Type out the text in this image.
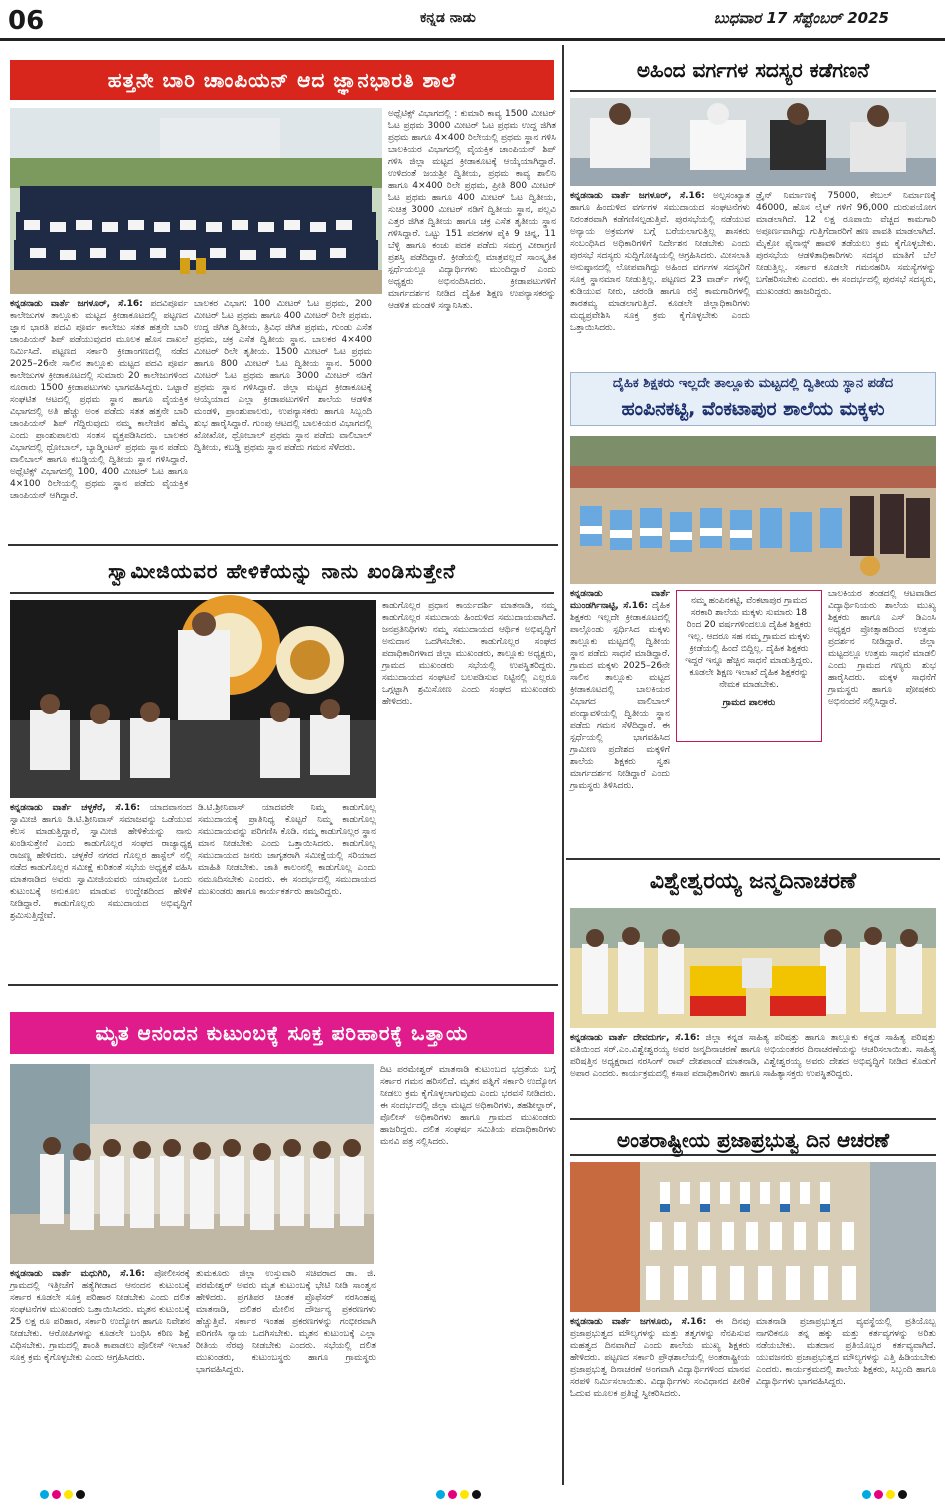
06	ಕನ್ನಡ ನಾಡು	ಬುಧವಾರ 17 ಸೆಪ್ಟೆಂಬರ್ 2025
ಹತ್ತನೇ ಬಾರಿ ಚಾಂಪಿಯನ್ ಆದ ಜ್ಞಾನಭಾರತಿ ಶಾಲೆ
ಅಥ್ಲೆಟಿಕ್ಸ್ ವಿಭಾಗದಲ್ಲಿ : ಕುಮಾರಿ ಕಾವ್ಯ 1500 ಮೀಟರ್ ಓಟ ಪ್ರಥಮ 3000 ಮೀಟರ್ ಓಟ ಪ್ರಥಮ ಉದ್ದ ಜಿಗಿತ ಪ್ರಥಮ ಹಾಗೂ 4×400 ರಿಲೇಯಲ್ಲಿ ಪ್ರಥಮ ಸ್ಥಾನ ಗಳಿಸಿ ಬಾಲಕಿಯರ ವಿಭಾಗದಲ್ಲಿ ವೈಯಕ್ತಿಕ ಚಾಂಪಿಯನ್ ಶಿಪ್ ಗಳಿಸಿ ಜಿಲ್ಲಾ ಮಟ್ಟದ ಕ್ರೀಡಾಕೂಟಕ್ಕೆ ಆಯ್ಕೆಯಾಗಿದ್ದಾರೆ. ಉಳಿದಂತೆ ಜಯಶ್ರೀ ದ್ವಿತೀಯ, ಪ್ರಥಮ ಕಾವ್ಯ ಶಾಲಿನಿ ಹಾಗೂ 4×400 ರಿಲೇ ಪ್ರಥಮ, ಪ್ರೀತಿ 800 ಮೀಟರ್ ಓಟ ಪ್ರಥಮ ಹಾಗೂ 400 ಮೀಟರ್ ಓಟ ದ್ವಿತೀಯ, ಸುಚಿತ್ರ 3000 ಮೀಟರ್ ನಡಿಗೆ ದ್ವಿತೀಯ ಸ್ಥಾನ, ಪಲ್ಲವಿ ಎತ್ತರ ಜಿಗಿತ ದ್ವಿತೀಯ ಹಾಗೂ ಚಕ್ರ ಎಸೆತ ತೃತೀಯ ಸ್ಥಾನ ಗಳಿಸಿದ್ದಾರೆ. ಒಟ್ಟು 151 ಪದಕಗಳ ಪೈಕಿ 9 ಚಿನ್ನ, 11 ಬೆಳ್ಳಿ ಹಾಗೂ ಕಂಚು ಪದಕ ಪಡೆದು ಸಮಗ್ರ ವೀರಾಗ್ರಣಿ ಪ್ರಶಸ್ತಿ ಪಡೆದಿದ್ದಾರೆ. ಕ್ರೀಡೆಯಲ್ಲಿ ಮಾತ್ರವಲ್ಲದೆ ಸಾಂಸ್ಕೃತಿಕ ಸ್ಪರ್ಧೆಯಲ್ಲೂ ವಿದ್ಯಾರ್ಥಿಗಳು ಮುಂದಿದ್ದಾರೆ ಎಂದು ಅಧ್ಯಕ್ಷರು ಅಭಿನಂದಿಸಿದರು. ಕ್ರೀಡಾಪಟುಗಳಿಗೆ ಮಾರ್ಗದರ್ಶನ ನೀಡಿದ ದೈಹಿಕ ಶಿಕ್ಷಣ ಉಪನ್ಯಾಸಕರನ್ನು ಆಡಳಿತ ಮಂಡಳಿ ಸನ್ಮಾನಿಸಿತು.
ಕನ್ನಡನಾಡು ವಾರ್ತೆ ಜಗಳೂರ್, ಸೆ.16: ಪದವಿಪೂರ್ವ ಕಾಲೇಜುಗಳ ತಾಲ್ಲೂಕು ಮಟ್ಟದ ಕ್ರೀಡಾಕೂಟದಲ್ಲಿ ಪಟ್ಟಣದ ಜ್ಞಾನ ಭಾರತಿ ಪದವಿ ಪೂರ್ವ ಕಾಲೇಜು ಸತತ ಹತ್ತನೇ ಬಾರಿ ಚಾಂಪಿಯನ್ ಶಿಪ್ ಪಡೆಯುವುದರ ಮೂಲಕ ಹೊಸ ದಾಖಲೆ ನಿರ್ಮಿಸಿದೆ. ಪಟ್ಟಣದ ಸರ್ಕಾರಿ ಕ್ರೀಡಾಂಗಣದಲ್ಲಿ ನಡೆದ 2025–26ನೇ ಸಾಲಿನ ತಾಲ್ಲೂಕು ಮಟ್ಟದ ಪದವಿ ಪೂರ್ವ ಕಾಲೇಜುಗಳ ಕ್ರೀಡಾಕೂಟದಲ್ಲಿ ಸುಮಾರು 20 ಕಾಲೇಜುಗಳಿಂದ ನೂರಾರು 1500 ಕ್ರೀಡಾಪಟುಗಳು ಭಾಗವಹಿಸಿದ್ದರು. ಒಟ್ಟಾರೆ ಸಂಘಟಿತ ಆಟದಲ್ಲಿ ಪ್ರಥಮ ಸ್ಥಾನ ಹಾಗೂ ವೈಯಕ್ತಿಕ ವಿಭಾಗದಲ್ಲಿ ಅತಿ ಹೆಚ್ಚು ಅಂಕ ಪಡೆದು ಸತತ ಹತ್ತನೇ ಬಾರಿ ಚಾಂಪಿಯನ್ ಶಿಪ್ ಗೆದ್ದಿರುವುದು ನಮ್ಮ ಕಾಲೇಜಿನ ಹೆಮ್ಮೆ ಎಂದು ಪ್ರಾಂಶುಪಾಲರು ಸಂತಸ ವ್ಯಕ್ತಪಡಿಸಿದರು. ಬಾಲಕರ ವಿಭಾಗದಲ್ಲಿ ಥ್ರೋಬಾಲ್, ಬ್ಯಾಡ್ಮಿಂಟನ್ ಪ್ರಥಮ ಸ್ಥಾನ ಪಡೆದು ವಾಲಿಬಾಲ್ ಹಾಗೂ ಕಬಡ್ಡಿಯಲ್ಲಿ ದ್ವಿತೀಯ ಸ್ಥಾನ ಗಳಿಸಿದ್ದಾರೆ. ಅಥ್ಲೆಟಿಕ್ಸ್ ವಿಭಾಗದಲ್ಲಿ 100, 400 ಮೀಟರ್ ಓಟ ಹಾಗೂ 4×100 ರಿಲೇಯಲ್ಲಿ ಪ್ರಥಮ ಸ್ಥಾನ ಪಡೆದು ವೈಯಕ್ತಿಕ ಚಾಂಪಿಯನ್ ಆಗಿದ್ದಾರೆ.
ಬಾಲಕರ ವಿಭಾಗ: 100 ಮೀಟರ್ ಓಟ ಪ್ರಥಮ, 200 ಮೀಟರ್ ಓಟ ಪ್ರಥಮ ಹಾಗೂ 400 ಮೀಟರ್ ರಿಲೇ ಪ್ರಥಮ. ಉದ್ದ ಜಿಗಿತ ದ್ವಿತೀಯ, ತ್ರಿವಿಧ ಜಿಗಿತ ಪ್ರಥಮ, ಗುಂಡು ಎಸೆತ ಪ್ರಥಮ, ಚಕ್ರ ಎಸೆತ ದ್ವಿತೀಯ ಸ್ಥಾನ. ಬಾಲಕರ 4×400 ಮೀಟರ್ ರಿಲೇ ತೃತೀಯ. 1500 ಮೀಟರ್ ಓಟ ಪ್ರಥಮ ಹಾಗೂ 800 ಮೀಟರ್ ಓಟ ದ್ವಿತೀಯ ಸ್ಥಾನ. 5000 ಮೀಟರ್ ಓಟ ಪ್ರಥಮ ಹಾಗೂ 3000 ಮೀಟರ್ ನಡಿಗೆ ಪ್ರಥಮ ಸ್ಥಾನ ಗಳಿಸಿದ್ದಾರೆ. ಜಿಲ್ಲಾ ಮಟ್ಟದ ಕ್ರೀಡಾಕೂಟಕ್ಕೆ ಆಯ್ಕೆಯಾದ ಎಲ್ಲಾ ಕ್ರೀಡಾಪಟುಗಳಿಗೆ ಶಾಲೆಯ ಆಡಳಿತ ಮಂಡಳಿ, ಪ್ರಾಂಶುಪಾಲರು, ಉಪನ್ಯಾಸಕರು ಹಾಗೂ ಸಿಬ್ಬಂದಿ ಶುಭ ಹಾರೈಸಿದ್ದಾರೆ. ಗುಂಪು ಆಟದಲ್ಲಿ ಬಾಲಕಿಯರ ವಿಭಾಗದಲ್ಲಿ ಖೋಖೋ, ಥ್ರೋಬಾಲ್ ಪ್ರಥಮ ಸ್ಥಾನ ಪಡೆದು ವಾಲಿಬಾಲ್ ದ್ವಿತೀಯ, ಕಬಡ್ಡಿ ಪ್ರಥಮ ಸ್ಥಾನ ಪಡೆದು ಗಮನ ಸೆಳೆದರು.
ಸ್ವಾಮೀಜಿಯವರ ಹೇಳಿಕೆಯನ್ನು ನಾನು ಖಂಡಿಸುತ್ತೇನೆ
ಕಾಡುಗೊಲ್ಲರ ಪ್ರಧಾನ ಕಾರ್ಯದರ್ಶಿ ಮಾತನಾಡಿ, ನಮ್ಮ ಕಾಡುಗೊಲ್ಲರ ಸಮುದಾಯ ಹಿಂದುಳಿದ ಸಮುದಾಯವಾಗಿದೆ. ಜನಪ್ರತಿನಿಧಿಗಳು ನಮ್ಮ ಸಮುದಾಯದ ಆರ್ಥಿಕ ಅಭಿವೃದ್ಧಿಗೆ ಅನುದಾನ ಒದಗಿಸಬೇಕು. ಕಾಡುಗೊಲ್ಲರ ಸಂಘದ ಪದಾಧಿಕಾರಿಗಳಾದ ಜಿಲ್ಲಾ ಮುಖಂಡರು, ತಾಲ್ಲೂಕು ಅಧ್ಯಕ್ಷರು, ಗ್ರಾಮದ ಮುಖಂಡರು ಸಭೆಯಲ್ಲಿ ಉಪಸ್ಥಿತರಿದ್ದರು. ಸಮುದಾಯದ ಸಂಘಟನೆ ಬಲಪಡಿಸುವ ನಿಟ್ಟಿನಲ್ಲಿ ಎಲ್ಲರೂ ಒಗ್ಗಟ್ಟಾಗಿ ಶ್ರಮಿಸೋಣ ಎಂದು ಸಂಘದ ಮುಖಂಡರು ಹೇಳಿದರು.
ಕನ್ನಡನಾಡು ವಾರ್ತೆ ಚಳ್ಳಕೆರೆ, ಸೆ.16: ಯಾದವಾನಂದ ಸ್ವಾಮೀಜಿ ಹಾಗೂ ಡಿ.ಟಿ.ಶ್ರೀನಿವಾಸ್ ಸಮಾಜವನ್ನು ಒಡೆಯುವ ಕೆಲಸ ಮಾಡುತ್ತಿದ್ದಾರೆ, ಸ್ವಾಮೀಜಿ ಹೇಳಿಕೆಯನ್ನು ನಾನು ಖಂಡಿಸುತ್ತೇನೆ ಎಂದು ಕಾಡುಗೊಲ್ಲರ ಸಂಘದ ರಾಜ್ಯಾಧ್ಯಕ್ಷ ರಾಜಣ್ಣ ಹೇಳಿದರು. ಚಳ್ಳಕೆರೆ ನಗರದ ಗೊಲ್ಲರ ಹಾಸ್ಟೆಲ್ ನಲ್ಲಿ ನಡೆದ ಕಾಡುಗೊಲ್ಲರ ಸಮೀಕ್ಷೆ ಕುರಿತಂತೆ ಸಭೆಯ ಅಧ್ಯಕ್ಷತೆ ವಹಿಸಿ ಮಾತನಾಡಿದ ಅವರು ಸ್ವಾಮೀಜಿಯವರು ಯಾವುದೋ ಒಂದು ಕುಟುಂಬಕ್ಕೆ ಅನುಕೂಲ ಮಾಡುವ ಉದ್ದೇಶದಿಂದ ಹೇಳಿಕೆ ನೀಡಿದ್ದಾರೆ. ಕಾಡುಗೊಲ್ಲರು ಸಮುದಾಯದ ಅಭಿವೃದ್ಧಿಗೆ ಶ್ರಮಿಸುತ್ತಿದ್ದೇವೆ.
ಡಿ.ಟಿ.ಶ್ರೀನಿವಾಸ್ ಯಾದವರೇ ನಿಮ್ಮ ಕಾಡುಗೊಲ್ಲ ಸಮುದಾಯಕ್ಕೆ ಪ್ರಾತಿನಿಧ್ಯ ಕೊಟ್ಟರೆ ನಿಮ್ಮ ಕಾಡುಗೊಲ್ಲ ಸಮುದಾಯವನ್ನು ಪರಿಗಣಿಸಿ ಕೊಡಿ. ನಮ್ಮ ಕಾಡುಗೊಲ್ಲರ ಸ್ಥಾನ ಮಾನ ನೀಡಬೇಕು ಎಂದು ಒತ್ತಾಯಿಸಿದರು. ಕಾಡುಗೊಲ್ಲ ಸಮುದಾಯದ ಜನರು ಜಾಗೃತರಾಗಿ ಸಮೀಕ್ಷೆಯಲ್ಲಿ ಸರಿಯಾದ ಮಾಹಿತಿ ನೀಡಬೇಕು. ಜಾತಿ ಕಾಲಂನಲ್ಲಿ ಕಾಡುಗೊಲ್ಲ ಎಂದು ನಮೂದಿಸಬೇಕು ಎಂದರು. ಈ ಸಂದರ್ಭದಲ್ಲಿ ಸಮುದಾಯದ ಮುಖಂಡರು ಹಾಗೂ ಕಾರ್ಯಕರ್ತರು ಹಾಜರಿದ್ದರು.
ಮೃತ ಆನಂದನ ಕುಟುಂಬಕ್ಕೆ ಸೂಕ್ತ ಪರಿಹಾರಕ್ಕೆ ಒತ್ತಾಯ
ದಿಟ ಪರಮೇಶ್ವರ್ ಮಾತನಾಡಿ ಕುಟುಂಬದ ಭದ್ರತೆಯ ಬಗ್ಗೆ ಸರ್ಕಾರ ಗಮನ ಹರಿಸಲಿದೆ. ಮೃತನ ಪತ್ನಿಗೆ ಸರ್ಕಾರಿ ಉದ್ಯೋಗ ನೀಡಲು ಕ್ರಮ ಕೈಗೊಳ್ಳಲಾಗುವುದು ಎಂದು ಭರವಸೆ ನೀಡಿದರು. ಈ ಸಂದರ್ಭದಲ್ಲಿ ಜಿಲ್ಲಾ ಮಟ್ಟದ ಅಧಿಕಾರಿಗಳು, ತಹಶೀಲ್ದಾರ್, ಪೊಲೀಸ್ ಅಧಿಕಾರಿಗಳು ಹಾಗೂ ಗ್ರಾಮದ ಮುಖಂಡರು ಹಾಜರಿದ್ದರು. ದಲಿತ ಸಂಘರ್ಷ ಸಮಿತಿಯ ಪದಾಧಿಕಾರಿಗಳು ಮನವಿ ಪತ್ರ ಸಲ್ಲಿಸಿದರು.
ಕನ್ನಡನಾಡು ವಾರ್ತೆ ಮಧುಗಿರಿ, ಸೆ.16: ಪೋಲೀಸರಕ್ಕೆ ಗ್ರಾಮದಲ್ಲಿ ಇತ್ತೀಚೆಗೆ ಹತ್ಯೆಗೀಡಾದ ಆನಂದನ ಕುಟುಂಬಕ್ಕೆ ಸರ್ಕಾರ ಕೂಡಲೇ ಸೂಕ್ತ ಪರಿಹಾರ ನೀಡಬೇಕು ಎಂದು ದಲಿತ ಸಂಘಟನೆಗಳ ಮುಖಂಡರು ಒತ್ತಾಯಿಸಿದರು. ಮೃತನ ಕುಟುಂಬಕ್ಕೆ 25 ಲಕ್ಷ ರೂ ಪರಿಹಾರ, ಸರ್ಕಾರಿ ಉದ್ಯೋಗ ಹಾಗೂ ನಿವೇಶನ ನೀಡಬೇಕು. ಆರೋಪಿಗಳನ್ನು ಕೂಡಲೇ ಬಂಧಿಸಿ ಕಠಿಣ ಶಿಕ್ಷೆ ವಿಧಿಸಬೇಕು. ಗ್ರಾಮದಲ್ಲಿ ಶಾಂತಿ ಕಾಪಾಡಲು ಪೊಲೀಸ್ ಇಲಾಖೆ ಸೂಕ್ತ ಕ್ರಮ ಕೈಗೊಳ್ಳಬೇಕು ಎಂದು ಆಗ್ರಹಿಸಿದರು.
ತುಮಕೂರು ಜಿಲ್ಲಾ ಉಸ್ತುವಾರಿ ಸಚಿವರಾದ ಡಾ. ಜಿ. ಪರಮೇಶ್ವರ್ ಅವರು ಮೃತ ಕುಟುಂಬಕ್ಕೆ ಭೇಟಿ ನೀಡಿ ಸಾಂತ್ವನ ಹೇಳಿದರು. ಪ್ರಗತಿಪರ ಚಿಂತಕ ಪ್ರೊಫೆಸರ್ ನರಸಿಂಹಪ್ಪ ಮಾತನಾಡಿ, ದಲಿತರ ಮೇಲಿನ ದೌರ್ಜನ್ಯ ಪ್ರಕರಣಗಳು ಹೆಚ್ಚುತ್ತಿವೆ. ಸರ್ಕಾರ ಇಂತಹ ಪ್ರಕರಣಗಳನ್ನು ಗಂಭೀರವಾಗಿ ಪರಿಗಣಿಸಿ ನ್ಯಾಯ ಒದಗಿಸಬೇಕು. ಮೃತನ ಕುಟುಂಬಕ್ಕೆ ಎಲ್ಲಾ ರೀತಿಯ ನೆರವು ನೀಡಬೇಕು ಎಂದರು. ಸಭೆಯಲ್ಲಿ ದಲಿತ ಮುಖಂಡರು, ಕುಟುಂಬಸ್ಥರು ಹಾಗೂ ಗ್ರಾಮಸ್ಥರು ಭಾಗವಹಿಸಿದ್ದರು.
ಅಹಿಂದ ವರ್ಗಗಳ ಸದಸ್ಯರ ಕಡೆಗಣನೆ
ಕನ್ನಡನಾಡು ವಾರ್ತೆ ಜಗಳೂರ್, ಸೆ.16: ಅಲ್ಪಸಂಖ್ಯಾತ ಹಾಗೂ ಹಿಂದುಳಿದ ವರ್ಗಗಳ ಸಮುದಾಯದ ಸಂಘಟನೆಗಳು ನಿರಂತರವಾಗಿ ಕಡೆಗಣಿಸಲ್ಪಡುತ್ತಿವೆ. ಪುರಸಭೆಯಲ್ಲಿ ನಡೆಯುವ ಅನ್ಯಾಯ ಅಕ್ರಮಗಳ ಬಗ್ಗೆ ಬರೆಯಲಾಗುತ್ತಿಲ್ಲ ಶಾಸಕರು ಸಂಬಂಧಿಸಿದ ಅಧಿಕಾರಿಗಳಿಗೆ ನಿರ್ದೇಶನ ನೀಡಬೇಕು ಎಂದು ಪುರಸಭೆ ಸದಸ್ಯರು ಸುದ್ದಿಗೋಷ್ಠಿಯಲ್ಲಿ ಆಗ್ರಹಿಸಿದರು. ಮೀಸಲಾತಿ ಅನುಷ್ಠಾನದಲ್ಲಿ ಲೋಪವಾಗಿದ್ದು ಅಹಿಂದ ವರ್ಗಗಳ ಸದಸ್ಯರಿಗೆ ಸೂಕ್ತ ಸ್ಥಾನಮಾನ ನೀಡುತ್ತಿಲ್ಲ. ಪಟ್ಟಣದ 23 ವಾರ್ಡ್ ಗಳಲ್ಲಿ ಕುಡಿಯುವ ನೀರು, ಚರಂಡಿ ಹಾಗೂ ರಸ್ತೆ ಕಾಮಗಾರಿಗಳಲ್ಲಿ ತಾರತಮ್ಯ ಮಾಡಲಾಗುತ್ತಿದೆ. ಕೂಡಲೇ ಜಿಲ್ಲಾಧಿಕಾರಿಗಳು ಮಧ್ಯಪ್ರವೇಶಿಸಿ ಸೂಕ್ತ ಕ್ರಮ ಕೈಗೊಳ್ಳಬೇಕು ಎಂದು ಒತ್ತಾಯಿಸಿದರು.
ಡ್ರೈನ್ ನಿರ್ಮಾಣಕ್ಕೆ 75000, ಕೇಬಲ್ ನಿರ್ಮಾಣಕ್ಕೆ 46000, ಹೊಸ ಲೈಟ್ ಗಳಿಗೆ 96,000 ದುರುಪಯೋಗ ಮಾಡಲಾಗಿದೆ. 12 ಲಕ್ಷ ರೂಪಾಯಿ ವೆಚ್ಚದ ಕಾಮಗಾರಿ ಅಪೂರ್ಣವಾಗಿದ್ದು ಗುತ್ತಿಗೆದಾರರಿಗೆ ಹಣ ಪಾವತಿ ಮಾಡಲಾಗಿದೆ. ಮೈಕ್ರೋ ಫೈನಾನ್ಸ್ ಹಾವಳಿ ತಡೆಯಲು ಕ್ರಮ ಕೈಗೊಳ್ಳಬೇಕು. ಪುರಸಭೆಯ ಆಡಳಿತಾಧಿಕಾರಿಗಳು ಸದಸ್ಯರ ಮಾತಿಗೆ ಬೆಲೆ ನೀಡುತ್ತಿಲ್ಲ. ಸರ್ಕಾರ ಕೂಡಲೇ ಗಮನಹರಿಸಿ ಸಮಸ್ಯೆಗಳನ್ನು ಬಗೆಹರಿಸಬೇಕು ಎಂದರು. ಈ ಸಂದರ್ಭದಲ್ಲಿ ಪುರಸಭೆ ಸದಸ್ಯರು, ಮುಖಂಡರು ಹಾಜರಿದ್ದರು.
ದೈಹಿಕ ಶಿಕ್ಷಕರು ಇಲ್ಲದೇ ತಾಲ್ಲೂಕು ಮಟ್ಟದಲ್ಲಿ ದ್ವಿತೀಯ ಸ್ಥಾನ ಪಡೆದ
ಹಂಪಿನಕಟ್ಟಿ, ವೆಂಕಟಾಪುರ ಶಾಲೆಯ ಮಕ್ಕಳು
ಕನ್ನಡನಾಡು ವಾರ್ತೆ ಮುಂಡರ್ಗಿನಾಟ್ಟಿ, ಸೆ.16: ದೈಹಿಕ ಶಿಕ್ಷಕರು ಇಲ್ಲದೇ ಕ್ರೀಡಾಕೂಟದಲ್ಲಿ ಪಾಲ್ಗೊಂಡು ಸ್ಪರ್ಧಿಸಿದ ಮಕ್ಕಳು ತಾಲ್ಲೂಕು ಮಟ್ಟದಲ್ಲಿ ದ್ವಿತೀಯ ಸ್ಥಾನ ಪಡೆದು ಸಾಧನೆ ಮಾಡಿದ್ದಾರೆ. ಗ್ರಾಮದ ಮಕ್ಕಳು 2025–26ನೇ ಸಾಲಿನ ತಾಲ್ಲೂಕು ಮಟ್ಟದ ಕ್ರೀಡಾಕೂಟದಲ್ಲಿ ಬಾಲಕಿಯರ ವಿಭಾಗದ ವಾಲಿಬಾಲ್ ಪಂದ್ಯಾವಳಿಯಲ್ಲಿ ದ್ವಿತೀಯ ಸ್ಥಾನ ಪಡೆದು ಗಮನ ಸೆಳೆದಿದ್ದಾರೆ. ಈ ಸ್ಪರ್ಧೆಯಲ್ಲಿ ಭಾಗವಹಿಸಿದ ಗ್ರಾಮೀಣ ಪ್ರದೇಶದ ಮಕ್ಕಳಿಗೆ ಶಾಲೆಯ ಶಿಕ್ಷಕರು ಸ್ವತಃ ಮಾರ್ಗದರ್ಶನ ನೀಡಿದ್ದಾರೆ ಎಂದು ಗ್ರಾಮಸ್ಥರು ತಿಳಿಸಿದರು.
ನಮ್ಮ ಹಂಪಿನಕಟ್ಟಿ, ವೆಂಕಟಾಪುರ ಗ್ರಾಮದ ಸರಕಾರಿ ಶಾಲೆಯ ಮಕ್ಕಳು ಸುಮಾರು 18 ರಿಂದ 20 ವರ್ಷಗಳಿಂದಲೂ ದೈಹಿಕ ಶಿಕ್ಷಕರು ಇಲ್ಲ. ಆದರೂ ಸಹ ನಮ್ಮ ಗ್ರಾಮದ ಮಕ್ಕಳು ಕ್ರೀಡೆಯಲ್ಲಿ ಹಿಂದೆ ಬಿದ್ದಿಲ್ಲ. ದೈಹಿಕ ಶಿಕ್ಷಕರು ಇದ್ದರೆ ಇನ್ನೂ ಹೆಚ್ಚಿನ ಸಾಧನೆ ಮಾಡುತ್ತಿದ್ದರು. ಕೂಡಲೇ ಶಿಕ್ಷಣ ಇಲಾಖೆ ದೈಹಿಕ ಶಿಕ್ಷಕರನ್ನು ನೇಮಕ ಮಾಡಬೇಕು.
ಗ್ರಾಮದ ಪಾಲಕರು
ಬಾಲಕಿಯರ ತಂಡದಲ್ಲಿ ಆಟವಾಡಿದ ವಿದ್ಯಾರ್ಥಿನಿಯರು ಶಾಲೆಯ ಮುಖ್ಯ ಶಿಕ್ಷಕರು ಹಾಗೂ ಎಸ್ ಡಿಎಂಸಿ ಅಧ್ಯಕ್ಷರ ಪ್ರೋತ್ಸಾಹದಿಂದ ಉತ್ತಮ ಪ್ರದರ್ಶನ ನೀಡಿದ್ದಾರೆ. ಜಿಲ್ಲಾ ಮಟ್ಟದಲ್ಲೂ ಉತ್ತಮ ಸಾಧನೆ ಮಾಡಲಿ ಎಂದು ಗ್ರಾಮದ ಗಣ್ಯರು ಶುಭ ಹಾರೈಸಿದರು. ಮಕ್ಕಳ ಸಾಧನೆಗೆ ಗ್ರಾಮಸ್ಥರು ಹಾಗೂ ಪೋಷಕರು ಅಭಿನಂದನೆ ಸಲ್ಲಿಸಿದ್ದಾರೆ.
ವಿಶ್ವೇಶ್ವರಯ್ಯ ಜನ್ಮದಿನಾಚರಣೆ
ಕನ್ನಡನಾಡು ವಾರ್ತೆ ದೇವದುರ್ಗ, ಸೆ.16: ಜಿಲ್ಲಾ ಕನ್ನಡ ಸಾಹಿತ್ಯ ಪರಿಷತ್ತು ಹಾಗೂ ತಾಲ್ಲೂಕು ಕನ್ನಡ ಸಾಹಿತ್ಯ ಪರಿಷತ್ತು ವತಿಯಿಂದ ಸರ್.ಎಂ.ವಿಶ್ವೇಶ್ವರಯ್ಯ ಅವರ ಜನ್ಮದಿನಾಚರಣೆ ಹಾಗೂ ಅಭಿಯಂತರರ ದಿನಾಚರಣೆಯನ್ನು ಆಚರಿಸಲಾಯಿತು. ಸಾಹಿತ್ಯ ಪರಿಷತ್ತಿನ ಅಧ್ಯಕ್ಷರಾದ ನರಸಿಂಗ್ ರಾವ್ ದೇಶಪಾಂಡೆ ಮಾತನಾಡಿ, ವಿಶ್ವೇಶ್ವರಯ್ಯ ಅವರು ದೇಶದ ಅಭಿವೃದ್ಧಿಗೆ ನೀಡಿದ ಕೊಡುಗೆ ಅಪಾರ ಎಂದರು. ಕಾರ್ಯಕ್ರಮದಲ್ಲಿ ಕಸಾಪ ಪದಾಧಿಕಾರಿಗಳು ಹಾಗೂ ಸಾಹಿತ್ಯಾಸಕ್ತರು ಉಪಸ್ಥಿತರಿದ್ದರು.
ಅಂತರಾಷ್ಟ್ರೀಯ ಪ್ರಜಾಪ್ರಭುತ್ವ ದಿನ ಆಚರಣೆ
ಕನ್ನಡನಾಡು ವಾರ್ತೆ ಜಗಳೂರು, ಸೆ.16: ಈ ದಿನವು ಪ್ರಜಾಪ್ರಭುತ್ವದ ಮೌಲ್ಯಗಳನ್ನು ಮತ್ತು ತತ್ವಗಳನ್ನು ನೆನಪಿಸುವ ಮಹತ್ವದ ದಿನವಾಗಿದೆ ಎಂದು ಶಾಲೆಯ ಮುಖ್ಯ ಶಿಕ್ಷಕರು ಹೇಳಿದರು. ಪಟ್ಟಣದ ಸರ್ಕಾರಿ ಪ್ರೌಢಶಾಲೆಯಲ್ಲಿ ಅಂತರಾಷ್ಟ್ರೀಯ ಪ್ರಜಾಪ್ರಭುತ್ವ ದಿನಾಚರಣೆ ಅಂಗವಾಗಿ ವಿದ್ಯಾರ್ಥಿಗಳಿಂದ ಮಾನವ ಸರಪಳಿ ನಿರ್ಮಿಸಲಾಯಿತು. ವಿದ್ಯಾರ್ಥಿಗಳು ಸಂವಿಧಾನದ ಪೀಠಿಕೆ ಓದುವ ಮೂಲಕ ಪ್ರತಿಜ್ಞೆ ಸ್ವೀಕರಿಸಿದರು.
ಮಾತನಾಡಿ ಪ್ರಜಾಪ್ರಭುತ್ವದ ವ್ಯವಸ್ಥೆಯಲ್ಲಿ ಪ್ರತಿಯೊಬ್ಬ ನಾಗರಿಕನೂ ತನ್ನ ಹಕ್ಕು ಮತ್ತು ಕರ್ತವ್ಯಗಳನ್ನು ಅರಿತು ನಡೆಯಬೇಕು. ಮತದಾನ ಪ್ರತಿಯೊಬ್ಬರ ಕರ್ತವ್ಯವಾಗಿದೆ. ಯುವಜನರು ಪ್ರಜಾಪ್ರಭುತ್ವದ ಮೌಲ್ಯಗಳನ್ನು ಎತ್ತಿ ಹಿಡಿಯಬೇಕು ಎಂದರು. ಕಾರ್ಯಕ್ರಮದಲ್ಲಿ ಶಾಲೆಯ ಶಿಕ್ಷಕರು, ಸಿಬ್ಬಂದಿ ಹಾಗೂ ವಿದ್ಯಾರ್ಥಿಗಳು ಭಾಗವಹಿಸಿದ್ದರು.
